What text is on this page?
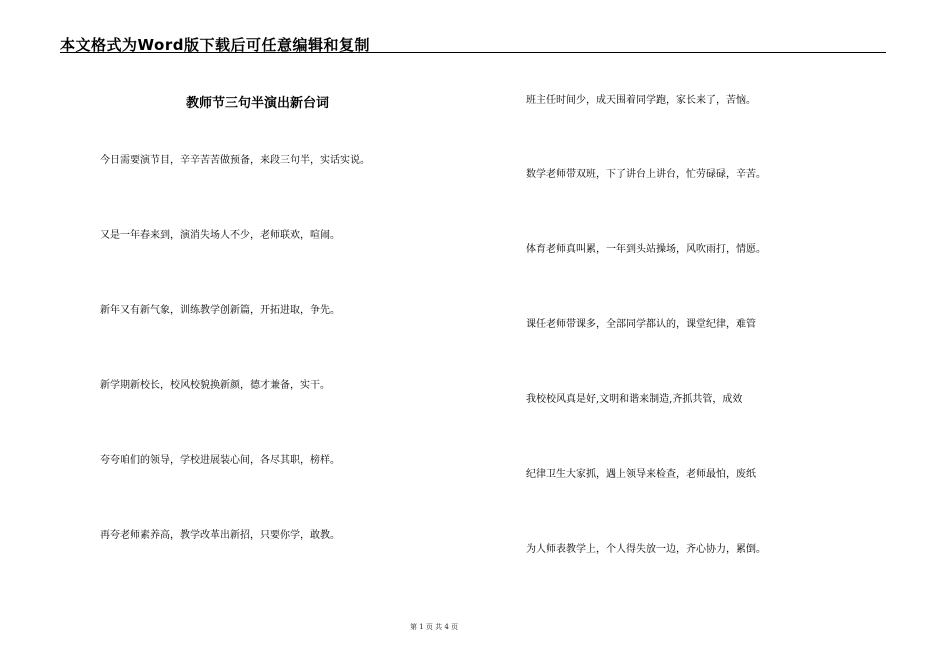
本文格式为Word版下载后可任意编辑和复制
教师节三句半演出新台词

今日需要演节目，辛辛苦苦做预备，来段三句半，实话实说。

又是一年春来到，演消失场人不少，老师联欢，喧闹。

新年又有新气象，训练教学创新篇，开拓进取，争先。

新学期新校长，校风校貌换新颜，德才兼备，实干。

夸夸咱们的领导，学校进展装心间，各尽其职，榜样。

再夸老师素养高，教学改革出新招，只要你学，敢教。

班主任时间少，成天围着同学跑，家长来了，苦恼。

数学老师带双班，下了讲台上讲台，忙劳碌碌，辛苦。

体育老师真叫累，一年到头站操场，风吹雨打，情愿。

课任老师带课多，全部同学都认的，课堂纪律，难管

我校校风真是好,文明和谐来制造,齐抓共管，成效

纪律卫生大家抓，遇上领导来检查，老师最怕，废纸

为人师表教学上，个人得失放一边，齐心协力，累倒。

第 1 页 共 4 页
